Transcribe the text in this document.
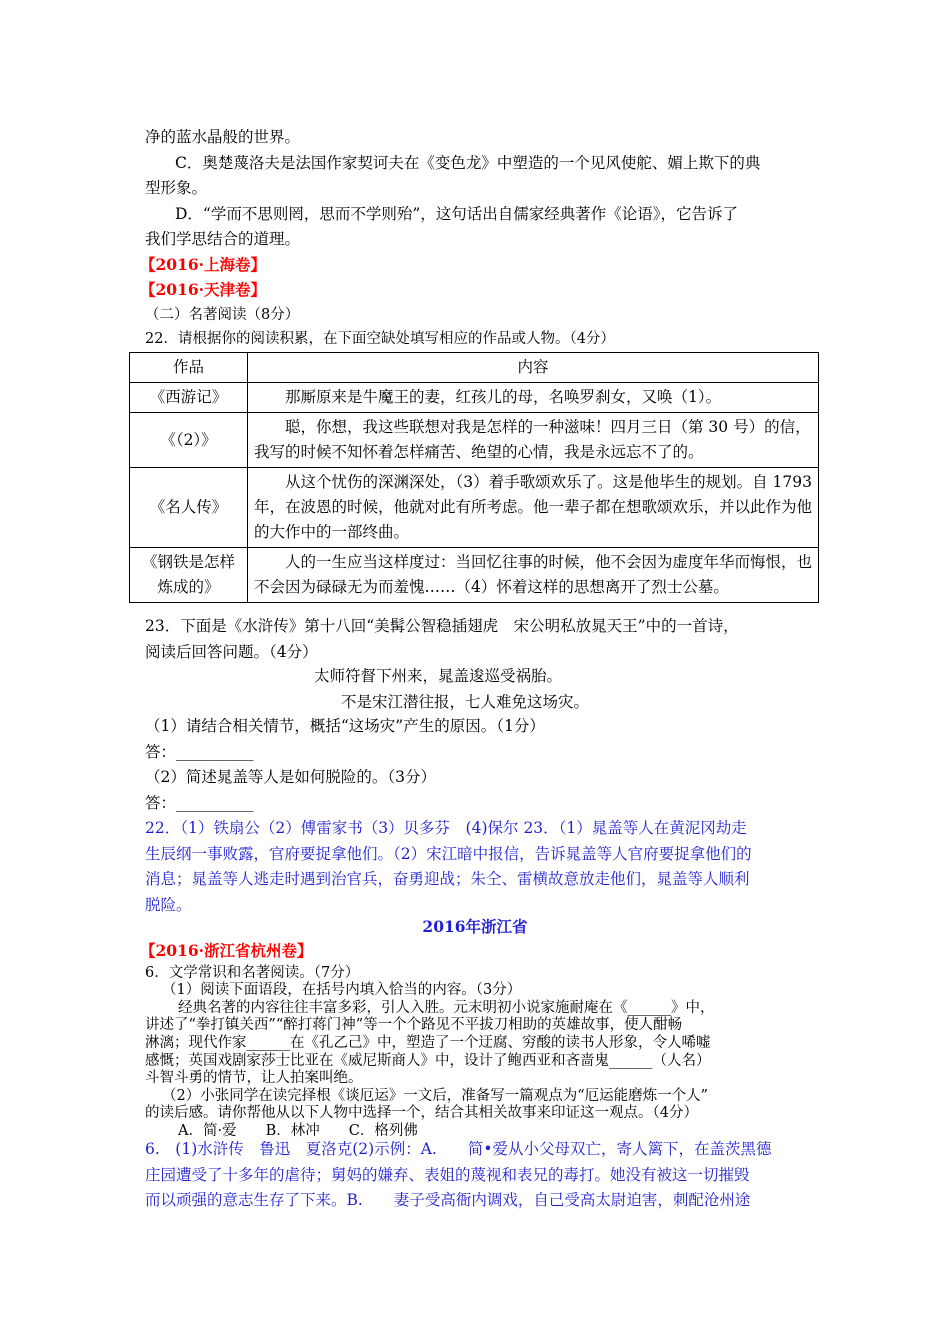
净的蓝水晶般的世界。
C．奥楚蔑洛夫是法国作家契诃夫在《变色龙》中塑造的一个见风使舵、媚上欺下的典
型形象。
D．“学而不思则罔，思而不学则殆”，这句话出自儒家经典著作《论语》，它告诉了
我们学思结合的道理。
【2016·上海卷】
【2016·天津卷】
（二）名著阅读（8分）
22．请根据你的阅读积累，在下面空缺处填写相应的作品或人物。（4分）
作品	内容
《西游记》	那厮原来是牛魔王的妻，红孩儿的母，名唤罗刹女，又唤（1）。

《（2）》	聪，你想，我这些联想对我是怎样的一种滋味！四月三日（第 30 号）的信，我写的时候不知怀着怎样痛苦、绝望的心情，我是永远忘不了的。

《名人传》	从这个忧伤的深渊深处，（3）着手歌颂欢乐了。这是他毕生的规划。自 1793 年，在波恩的时候，他就对此有所考虑。他一辈子都在想歌颂欢乐，并以此作为他的大作中的一部终曲。

《钢铁是怎样炼成的》	人的一生应当这样度过：当回忆往事的时候，他不会因为虚度年华而悔恨，也不会因为碌碌无为而羞愧……（4）怀着这样的思想离开了烈士公墓。
23．下面是《水浒传》第十八回“美髯公智稳插翅虎　宋公明私放晁天王”中的一首诗，
阅读后回答问题。（4分）
太师符督下州来，晁盖逡巡受祸胎。
不是宋江潜往报，七人难免这场灾。
（1）请结合相关情节，概括“这场灾”产生的原因。（1分）
答：__________
（2）简述晁盖等人是如何脱险的。（3分）
答：__________
22．（1）铁扇公（2）傅雷家书（3）贝多芬　(4)保尔 23．（1）晁盖等人在黄泥冈劫走
生辰纲一事败露，官府要捉拿他们。（2）宋江暗中报信，告诉晁盖等人官府要捉拿他们的
消息；晁盖等人逃走时遇到治官兵，奋勇迎战；朱仝、雷横故意放走他们，晁盖等人顺利
脱险。
2016年浙江省
【2016·浙江省杭州卷】
6．文学常识和名著阅读。（7分）
（1）阅读下面语段，在括号内填入恰当的内容。（3分）
经典名著的内容往往丰富多彩，引人入胜。元末明初小说家施耐庵在《______》中，
讲述了“拳打镇关西”“醉打蒋门神”等一个个路见不平拔刀相助的英雄故事，使人酣畅
淋漓；现代作家______在《孔乙己》中，塑造了一个迂腐、穷酸的读书人形象，令人唏嘘
感慨；英国戏剧家莎士比亚在《威尼斯商人》中，设计了鲍西亚和吝啬鬼______（人名）
斗智斗勇的情节，让人拍案叫绝。
（2）小张同学在读完择根《谈厄运》一文后，准备写一篇观点为“厄运能磨炼一个人”
的读后感。请你帮他从以下人物中选择一个，结合其相关故事来印证这一观点。（4分）
A．简·爱　　B．林冲　　C．格列佛
6.　(1)水浒传　鲁迅　夏洛克(2)示例：A.　　简•爱从小父母双亡，寄人篱下，在盖茨黑德
庄园遭受了十多年的虐待；舅妈的嫌弃、表姐的蔑视和表兄的毒打。她没有被这一切摧毁
而以顽强的意志生存了下来。B.　　妻子受高衙内调戏，自己受高太尉迫害，刺配沧州途
